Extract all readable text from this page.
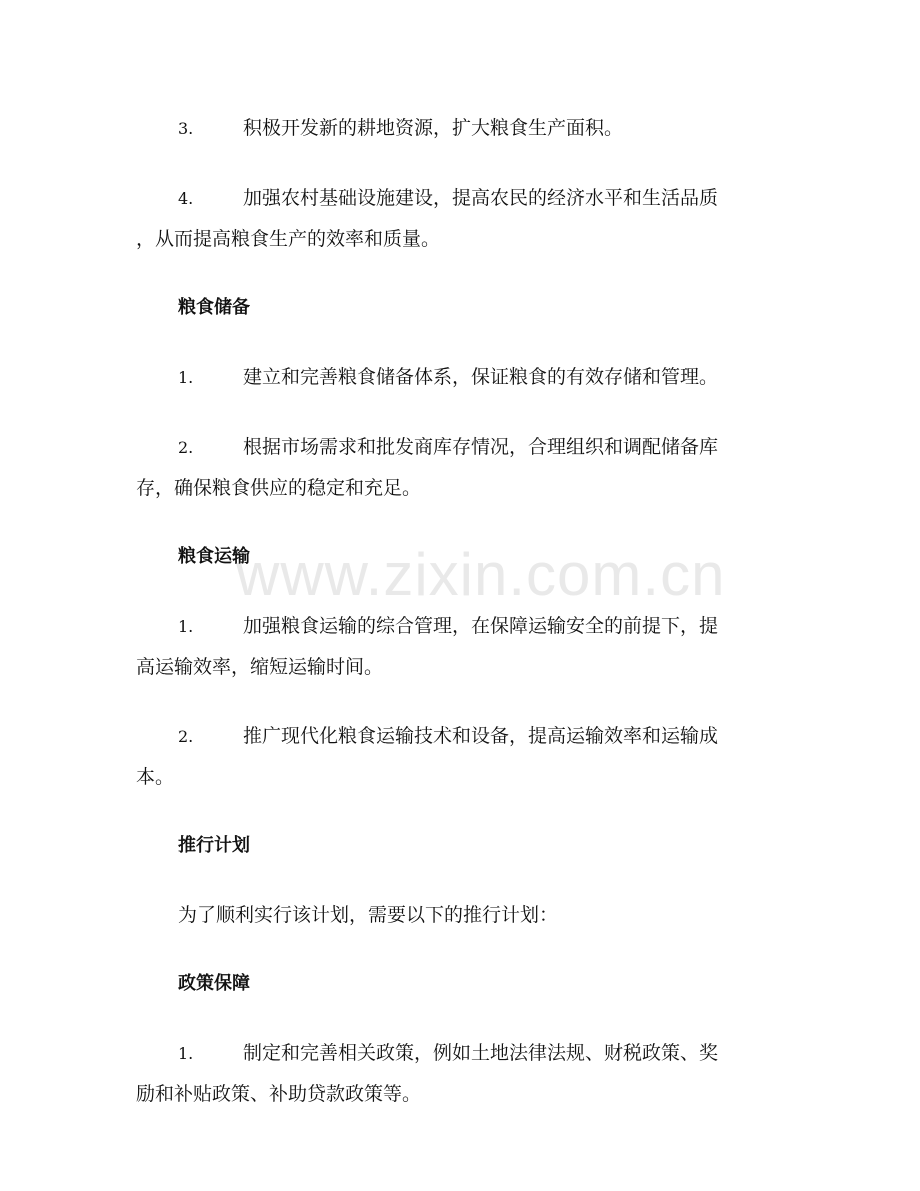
www.zixin.com.cn
3.	积极开发新的耕地资源，扩大粮食生产面积。
4.	加强农村基础设施建设，提高农民的经济水平和生活品质
，从而提高粮食生产的效率和质量。
粮食储备
1.	建立和完善粮食储备体系，保证粮食的有效存储和管理。
2.	根据市场需求和批发商库存情况，合理组织和调配储备库
存，确保粮食供应的稳定和充足。
粮食运输
1.	加强粮食运输的综合管理，在保障运输安全的前提下，提
高运输效率，缩短运输时间。
2.	推广现代化粮食运输技术和设备，提高运输效率和运输成
本。
推行计划
为了顺利实行该计划，需要以下的推行计划：
政策保障
1.	制定和完善相关政策，例如土地法律法规、财税政策、奖
励和补贴政策、补助贷款政策等。
